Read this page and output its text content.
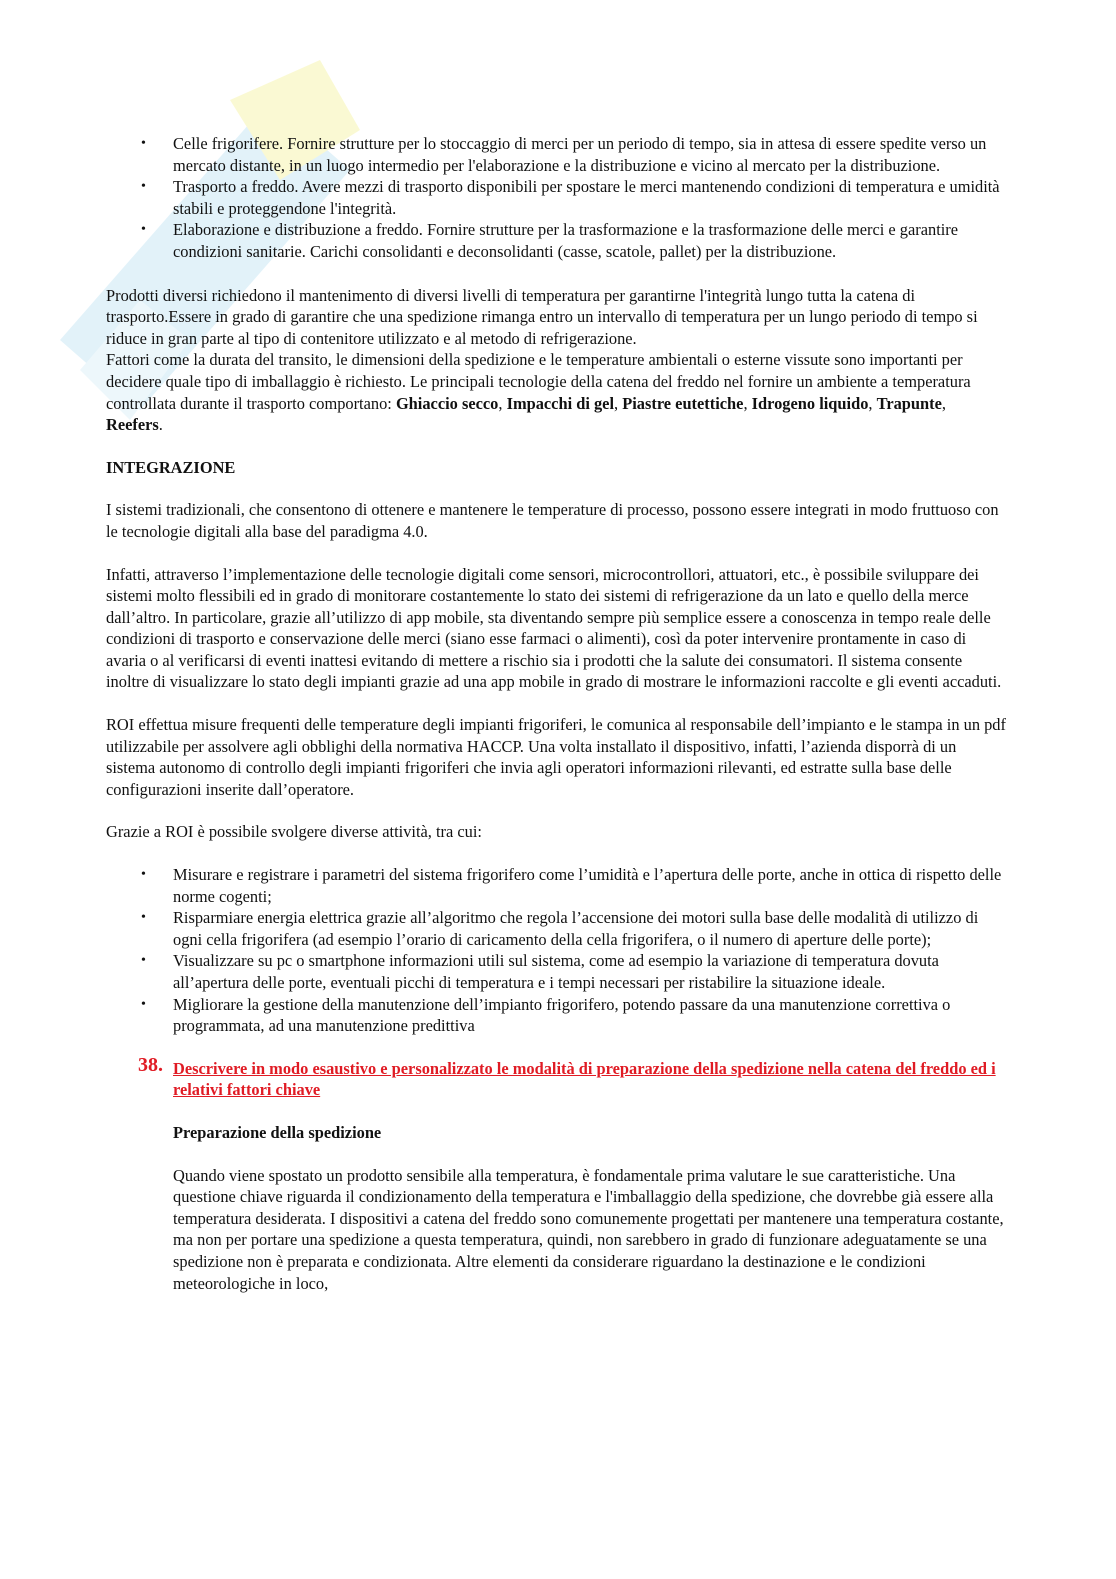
• Celle frigorifere. Fornire strutture per lo stoccaggio di merci per un periodo di tempo, sia in attesa di essere spedite verso un mercato distante, in un luogo intermedio per l'elaborazione e la distribuzione e vicino al mercato per la distribuzione.
• Trasporto a freddo. Avere mezzi di trasporto disponibili per spostare le merci mantenendo condizioni di temperatura e umidità stabili e proteggendone l'integrità.
• Elaborazione e distribuzione a freddo. Fornire strutture per la trasformazione e la trasformazione delle merci e garantire condizioni sanitarie. Carichi consolidanti e deconsolidanti (casse, scatole, pallet) per la distribuzione.

Prodotti diversi richiedono il mantenimento di diversi livelli di temperatura per garantirne l'integrità lungo tutta la catena di trasporto.Essere in grado di garantire che una spedizione rimanga entro un intervallo di temperatura per un lungo periodo di tempo si riduce in gran parte al tipo di contenitore utilizzato e al metodo di refrigerazione.
Fattori come la durata del transito, le dimensioni della spedizione e le temperature ambientali o esterne vissute sono importanti per decidere quale tipo di imballaggio è richiesto. Le principali tecnologie della catena del freddo nel fornire un ambiente a temperatura controllata durante il trasporto comportano: Ghiaccio secco, Impacchi di gel, Piastre eutettiche, Idrogeno liquido, Trapunte, Reefers.

INTEGRAZIONE

I sistemi tradizionali, che consentono di ottenere e mantenere le temperature di processo, possono essere integrati in modo fruttuoso con le tecnologie digitali alla base del paradigma 4.0.

Infatti, attraverso l’implementazione delle tecnologie digitali come sensori, microcontrollori, attuatori, etc., è possibile sviluppare dei sistemi molto flessibili ed in grado di monitorare costantemente lo stato dei sistemi di refrigerazione da un lato e quello della merce dall’altro. In particolare, grazie all’utilizzo di app mobile, sta diventando sempre più semplice essere a conoscenza in tempo reale delle condizioni di trasporto e conservazione delle merci (siano esse farmaci o alimenti), così da poter intervenire prontamente in caso di avaria o al verificarsi di eventi inattesi evitando di mettere a rischio sia i prodotti che la salute dei consumatori. Il sistema consente inoltre di visualizzare lo stato degli impianti grazie ad una app mobile in grado di mostrare le informazioni raccolte e gli eventi accaduti.

ROI effettua misure frequenti delle temperature degli impianti frigoriferi, le comunica al responsabile dell’impianto e le stampa in un pdf utilizzabile per assolvere agli obblighi della normativa HACCP. Una volta installato il dispositivo, infatti, l’azienda disporrà di un sistema autonomo di controllo degli impianti frigoriferi che invia agli operatori informazioni rilevanti, ed estratte sulla base delle configurazioni inserite dall’operatore.

Grazie a ROI è possibile svolgere diverse attività, tra cui:

• Misurare e registrare i parametri del sistema frigorifero come l’umidità e l’apertura delle porte, anche in ottica di rispetto delle norme cogenti;
• Risparmiare energia elettrica grazie all’algoritmo che regola l’accensione dei motori sulla base delle modalità di utilizzo di ogni cella frigorifera (ad esempio l’orario di caricamento della cella frigorifera, o il numero di aperture delle porte);
• Visualizzare su pc o smartphone informazioni utili sul sistema, come ad esempio la variazione di temperatura dovuta all’apertura delle porte, eventuali picchi di temperatura e i tempi necessari per ristabilire la situazione ideale.
• Migliorare la gestione della manutenzione dell’impianto frigorifero, potendo passare da una manutenzione correttiva o programmata, ad una manutenzione predittiva
38. Descrivere in modo esaustivo e personalizzato le modalità di preparazione della spedizione nella catena del freddo ed i relativi fattori chiave

Preparazione della spedizione

Quando viene spostato un prodotto sensibile alla temperatura, è fondamentale prima valutare le sue caratteristiche. Una questione chiave riguarda il condizionamento della temperatura e l'imballaggio della spedizione, che dovrebbe già essere alla temperatura desiderata. I dispositivi a catena del freddo sono comunemente progettati per mantenere una temperatura costante, ma non per portare una spedizione a questa temperatura, quindi, non sarebbero in grado di funzionare adeguatamente se una spedizione non è preparata e condizionata. Altre elementi da considerare riguardano la destinazione e le condizioni meteorologiche in loco,
